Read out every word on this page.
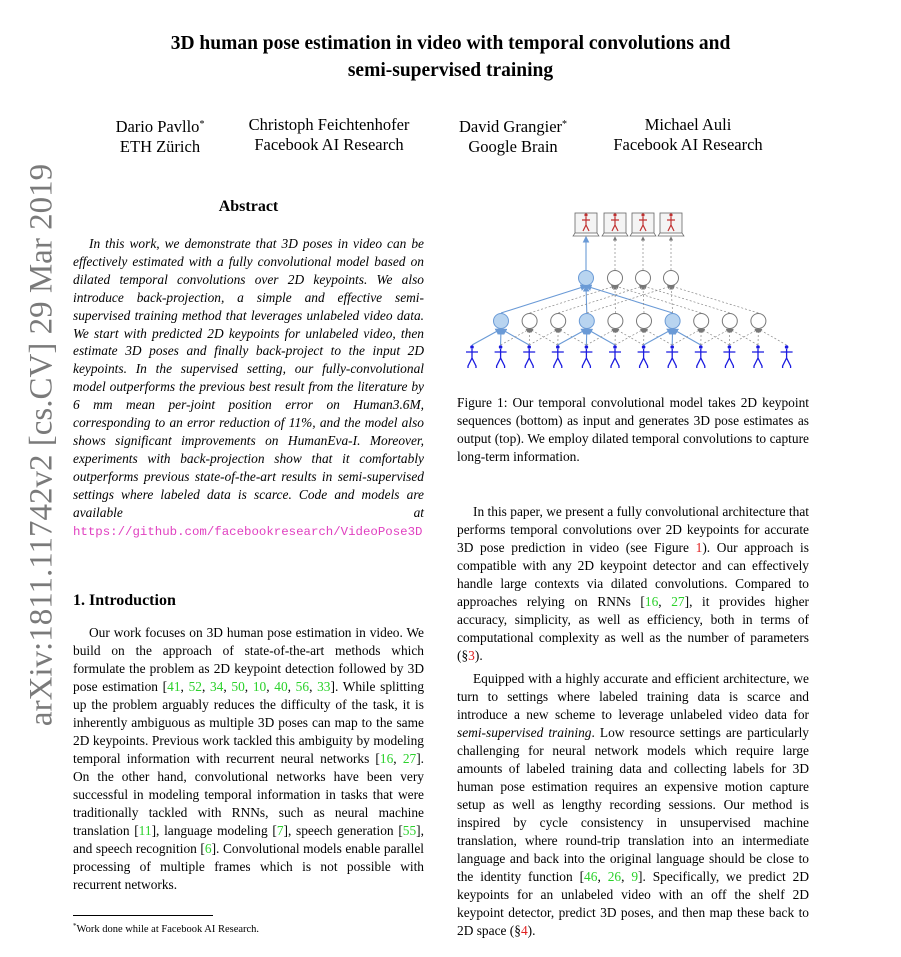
3D human pose estimation in video with temporal convolutions and
semi-supervised training
Dario Pavllo*
ETH Zürich
Christoph Feichtenhofer
Facebook AI Research
David Grangier*
Google Brain
Michael Auli
Facebook AI Research
arXiv:1811.11742v2 [cs.CV] 29 Mar 2019	Abstract

In this work, we demonstrate that 3D poses in video can be effectively estimated with a fully convolutional model based on dilated temporal convolutions over 2D keypoints. We also introduce back-projection, a simple and effective semi-supervised training method that leverages unlabeled video data. We start with predicted 2D keypoints for unlabeled video, then estimate 3D poses and finally back-project to the input 2D keypoints. In the supervised setting, our fully-convolutional model outperforms the previous best result from the literature by 6 mm mean per-joint position error on Human3.6M, corresponding to an error reduction of 11%, and the model also shows significant improvements on HumanEva-I. Moreover, experiments with back-projection show that it comfortably outperforms previous state-of-the-art results in semi-supervised settings where labeled data is scarce. Code and models are available at https://github.com/facebookresearch/VideoPose3D

1. Introduction

Our work focuses on 3D human pose estimation in video. We build on the approach of state-of-the-art methods which formulate the problem as 2D keypoint detection followed by 3D pose estimation [41, 52, 34, 50, 10, 40, 56, 33]. While splitting up the problem arguably reduces the difficulty of the task, it is inherently ambiguous as multiple 3D poses can map to the same 2D keypoints. Previous work tackled this ambiguity by modeling temporal information with recurrent neural networks [16, 27]. On the other hand, convolutional networks have been very successful in modeling temporal information in tasks that were traditionally tackled with RNNs, such as neural machine translation [11], language modeling [7], speech generation [55], and speech recognition [6]. Convolutional models enable parallel processing of multiple frames which is not possible with recurrent networks.

*Work done while at Facebook AI Research.
Figure 1: Our temporal convolutional model takes 2D keypoint sequences (bottom) as input and generates 3D pose estimates as output (top). We employ dilated temporal convolutions to capture long-term information.

In this paper, we present a fully convolutional architecture that performs temporal convolutions over 2D keypoints for accurate 3D pose prediction in video (see Figure 1). Our approach is compatible with any 2D keypoint detector and can effectively handle large contexts via dilated convolutions. Compared to approaches relying on RNNs [16, 27], it provides higher accuracy, simplicity, as well as efficiency, both in terms of computational complexity as well as the number of parameters (§3).

Equipped with a highly accurate and efficient architecture, we turn to settings where labeled training data is scarce and introduce a new scheme to leverage unlabeled video data for semi-supervised training. Low resource settings are particularly challenging for neural network models which require large amounts of labeled training data and collecting labels for 3D human pose estimation requires an expensive motion capture setup as well as lengthy recording sessions. Our method is inspired by cycle consistency in unsupervised machine translation, where round-trip translation into an intermediate language and back into the original language should be close to the identity function [46, 26, 9]. Specifically, we predict 2D keypoints for an unlabeled video with an off the shelf 2D keypoint detector, predict 3D poses, and then map these back to 2D space (§4).
